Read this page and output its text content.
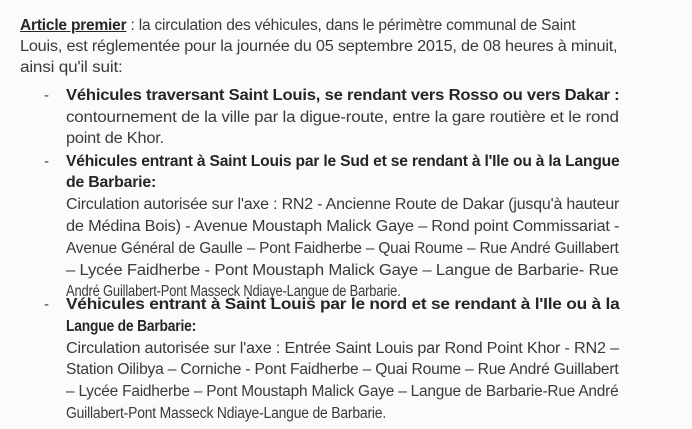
Article premier : la circulation des véhicules, dans le périmètre communal de Saint
Louis, est réglementée pour la journée du 05 septembre 2015, de 08 heures à minuit,
ainsi qu'il suit:
- Véhicules traversant Saint Louis, se rendant vers Rosso ou vers Dakar :
contournement de la ville par la digue-route, entre la gare routière et le rond
point de Khor.
- Véhicules entrant à Saint Louis par le Sud et se rendant à l'Ile ou à la Langue
de Barbarie:
Circulation autorisée sur l'axe : RN2 - Ancienne Route de Dakar (jusqu'à hauteur
de Médina Bois) - Avenue Moustaph Malick Gaye – Rond point Commissariat -
Avenue Général de Gaulle – Pont Faidherbe – Quai Roume – Rue André Guillabert
– Lycée Faidherbe - Pont Moustaph Malick Gaye – Langue de Barbarie- Rue
André Guillabert-Pont Masseck Ndiaye-Langue de Barbarie.
- Véhicules entrant à Saint Louis par le nord et se rendant à l'Ile ou à la
Langue de Barbarie:
Circulation autorisée sur l'axe : Entrée Saint Louis par Rond Point Khor - RN2 –
Station Oilibya – Corniche - Pont Faidherbe – Quai Roume – Rue André Guillabert
– Lycée Faidherbe – Pont Moustaph Malick Gaye – Langue de Barbarie-Rue André
Guillabert-Pont Masseck Ndiaye-Langue de Barbarie.
